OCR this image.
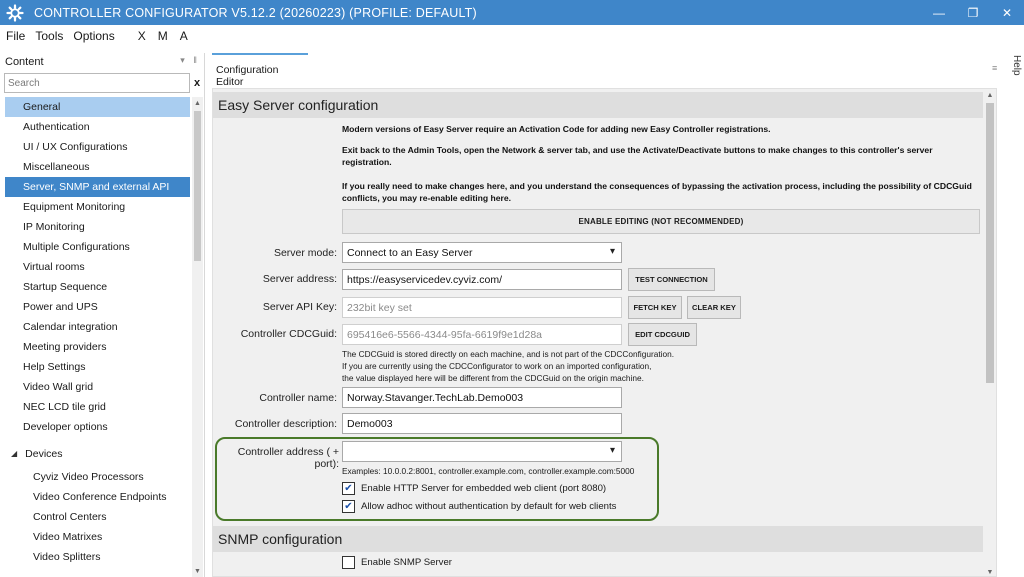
CONTROLLER CONFIGURATOR V5.12.2 (20260223) (PROFILE: DEFAULT)	—	❐	✕
File Tools Options	X	M	A
Content	▾ ‖
Search
x
General
Authentication
UI / UX Configurations
Miscellaneous
Server, SNMP and external API
Equipment Monitoring
IP Monitoring
Multiple Configurations
Virtual rooms
Startup Sequence
Power and UPS
Calendar integration
Meeting providers
Help Settings
Video Wall grid
NEC LCD tile grid
Developer options
◢ Devices
Cyviz Video Processors
Video Conference Endpoints
Control Centers
Video Matrixes
Video Splitters
▲
▼
Configuration Editor
≡ Help
Easy Server configuration
Modern versions of Easy Server require an Activation Code for adding new Easy Controller registrations.
Exit back to the Admin Tools, open the Network & server tab, and use the Activate/Deactivate buttons to make changes to this controller's server registration.
If you really need to make changes here, and you understand the consequences of bypassing the activation process, including the possibility of CDCGuid conflicts, you may re-enable editing here.
ENABLE EDITING (NOT RECOMMENDED)
Server mode: Connect to an Easy Server
▾
Server address: https://easyservicedev.cyviz.com/	TEST CONNECTION
Server API Key: 232bit key set	FETCH KEY	CLEAR KEY
Controller CDCGuid: 695416e6-5566-4344-95fa-6619f9e1d28a	EDIT CDCGUID
The CDCGuid is stored directly on each machine, and is not part of the CDCConfiguration.
If you are currently using the CDCConfigurator to work on an imported configuration,
the value displayed here will be different from the CDCGuid on the origin machine.
Controller name: Norway.Stavanger.TechLab.Demo003
Controller description: Demo003
Controller address ( + port):
▾
Examples: 10.0.0.2:8001, controller.example.com, controller.example.com:5000
✔
Enable HTTP Server for embedded web client (port 8080)
✔
Allow adhoc without authentication by default for web clients
SNMP configuration
Enable SNMP Server
▲
▼
